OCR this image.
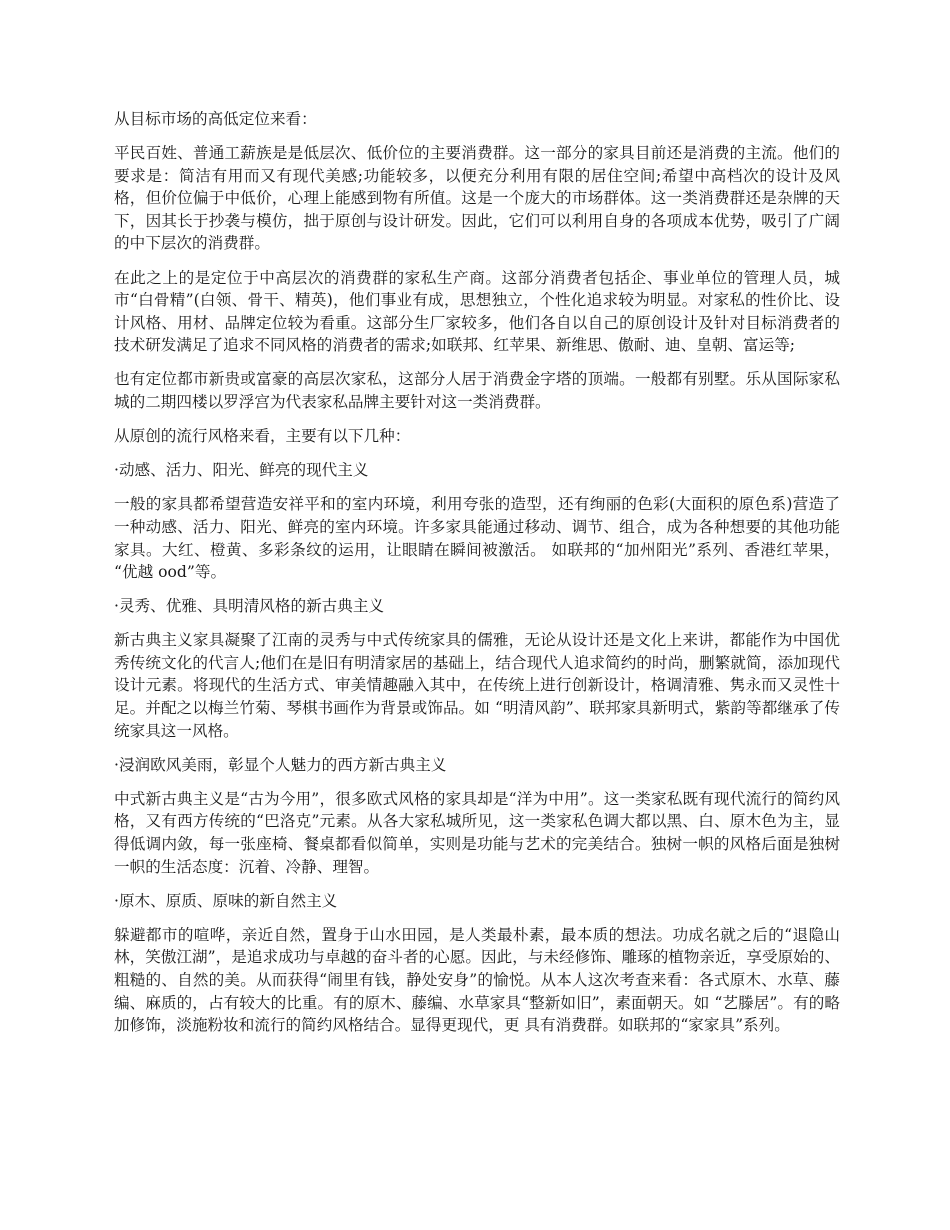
从目标市场的高低定位来看：

平民百姓、普通工薪族是是低层次、低价位的主要消费群。这一部分的家具目前还是消费的主流。他们的要求是：简洁有用而又有现代美感;功能较多，以便充分利用有限的居住空间;希望中高档次的设计及风格，但价位偏于中低价，心理上能感到物有所值。这是一个庞大的市场群体。这一类消费群还是杂牌的天下，因其长于抄袭与模仿，拙于原创与设计研发。因此，它们可以利用自身的各项成本优势，吸引了广阔的中下层次的消费群。

在此之上的是定位于中高层次的消费群的家私生产商。这部分消费者包括企、事业单位的管理人员，城市“白骨精”(白领、骨干、精英)，他们事业有成，思想独立，个性化追求较为明显。对家私的性价比、设计风格、用材、品牌定位较为看重。这部分生厂家较多，他们各自以自己的原创设计及针对目标消费者的技术研发满足了追求不同风格的消费者的需求;如联邦、红苹果、新维思、傲耐、迪、皇朝、富运等;

也有定位都市新贵或富豪的高层次家私，这部分人居于消费金字塔的顶端。一般都有别墅。乐从国际家私城的二期四楼以罗浮宫为代表家私品牌主要针对这一类消费群。

从原创的流行风格来看，主要有以下几种：

·动感、活力、阳光、鲜亮的现代主义

一般的家具都希望营造安祥平和的室内环境，利用夸张的造型，还有绚丽的色彩(大面积的原色系)营造了一种动感、活力、阳光、鲜亮的室内环境。许多家具能通过移动、调节、组合，成为各种想要的其他功能家具。大红、橙黄、多彩条纹的运用，让眼睛在瞬间被激活。 如联邦的“加州阳光”系列、香港红苹果， “优越 ood”等。

·灵秀、优雅、具明清风格的新古典主义

新古典主义家具凝聚了江南的灵秀与中式传统家具的儒雅，无论从设计还是文化上来讲，都能作为中国优秀传统文化的代言人;他们在是旧有明清家居的基础上，结合现代人追求简约的时尚，删繁就简，添加现代设计元素。将现代的生活方式、审美情趣融入其中，在传统上进行创新设计，格调清雅、隽永而又灵性十足。并配之以梅兰竹菊、琴棋书画作为背景或饰品。如 “明清风韵”、联邦家具新明式，紫韵等都继承了传统家具这一风格。

·浸润欧风美雨，彰显个人魅力的西方新古典主义

中式新古典主义是“古为今用”，很多欧式风格的家具却是“洋为中用”。这一类家私既有现代流行的简约风格，又有西方传统的“巴洛克”元素。从各大家私城所见，这一类家私色调大都以黑、白、原木色为主，显得低调内敛，每一张座椅、餐桌都看似简单，实则是功能与艺术的完美结合。独树一帜的风格后面是独树一帜的生活态度：沉着、冷静、理智。

·原木、原质、原味的新自然主义

躲避都市的喧哗，亲近自然，置身于山水田园，是人类最朴素，最本质的想法。功成名就之后的“退隐山林，笑傲江湖”，是追求成功与卓越的奋斗者的心愿。因此，与未经修饰、雕琢的植物亲近，享受原始的、粗糙的、自然的美。从而获得“闹里有钱，静处安身”的愉悦。从本人这次考查来看：各式原木、水草、藤编、麻质的，占有较大的比重。有的原木、藤编、水草家具“整新如旧”，素面朝天。如 “艺滕居”。有的略加修饰，淡施粉妆和流行的简约风格结合。显得更现代，更 具有消费群。如联邦的“家家具”系列。
